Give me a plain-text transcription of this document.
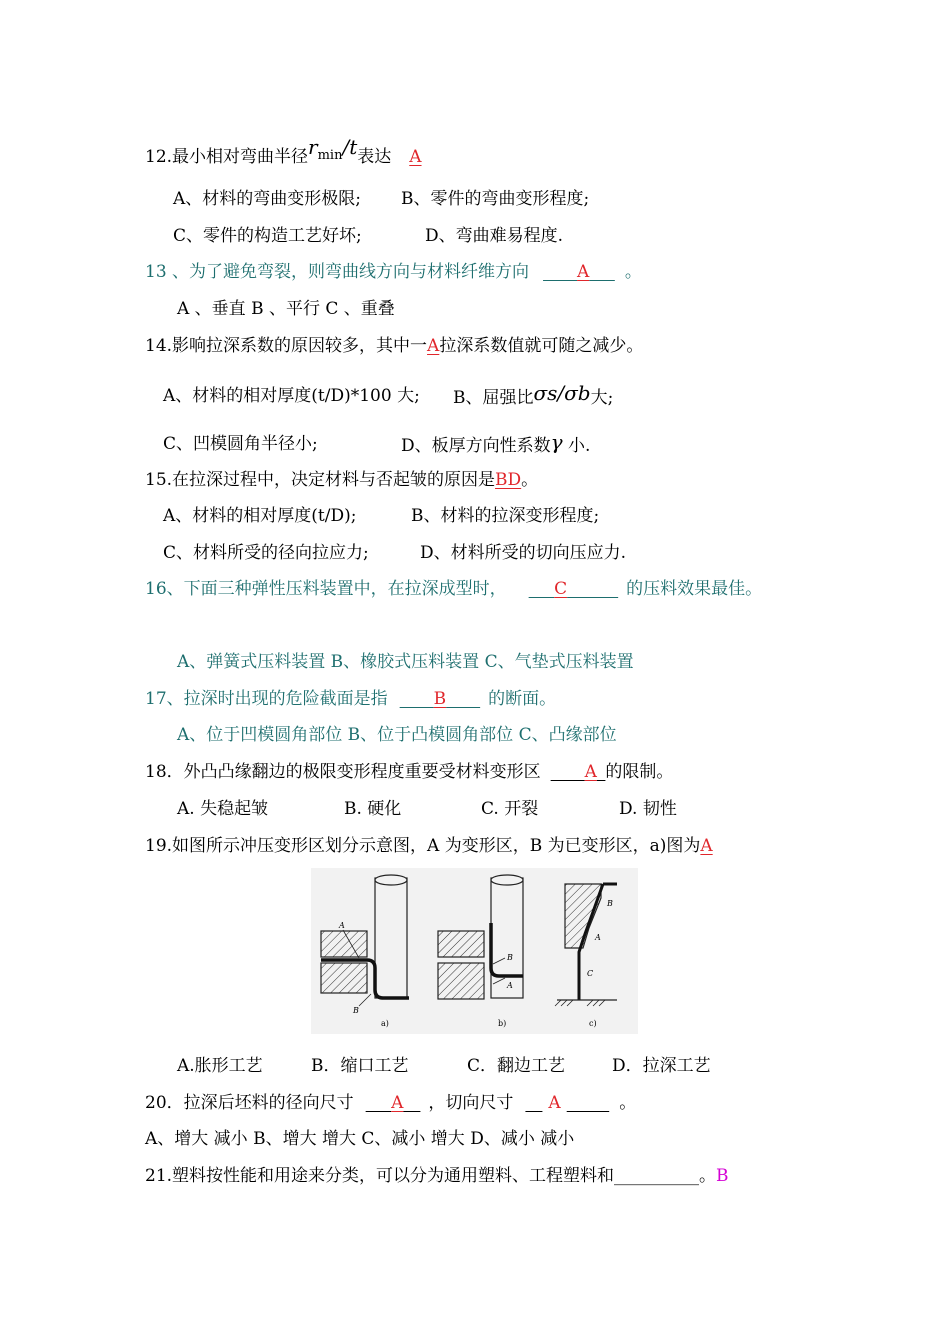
12.最小相对弯曲半径rmin/t表达 A
A、材料的弯曲变形极限; B、零件的弯曲变形程度;
C、零件的构造工艺好坏;	D、弯曲难易程度.
13 、为了避免弯裂，则弯曲线方向与材料纤维方向  	A   。
A 、垂直 B 、平行 C 、重叠
14.影响拉深系数的原因较多，其中一A拉深系数值就可随之减少。
A、材料的相对厚度(t/D)*100 大; B、屈强比σs/σb大;
C、凹模圆角半径小;	D、板厚方向性系数γ 小.
15.在拉深过程中，决定材料与否起皱的原因是BD。
A、材料的相对厚度(t/D);	B、材料的拉深变形程度;
C、材料所受的径向拉应力;	D、材料所受的切向压应力.
16、下面三种弹性压料装置中，在拉深成型时，  	C   	的压料效果最佳。
A、弹簧式压料装置 B、橡胶式压料装置 C、气垫式压料装置
17、拉深时出现的危险截面是指  	B   的断面。
A、位于凹模圆角部位 B、位于凸模圆角部位 C、凸缘部位
18．外凸凸缘翻边的极限变形程度重要受材料变形区  	A  的限制。
A. 失稳起皱	B. 硬化	C. 开裂	D. 韧性
19.如图所示冲压变形区划分示意图，A 为变形区，B 为已变形区，a)图为A
A
B
a)
B
A
b)
B
A
C
c)
A.胀形工艺	B．缩口工艺	C．翻边工艺	D．拉深工艺
20．拉深后坯料的径向尺寸   A  ，切向尺寸  A   	。
A、增大 减小 B、增大 增大 C、减小 增大 D、减小 减小
21.塑料按性能和用途来分类，可以分为通用塑料、工程塑料和__________。B
